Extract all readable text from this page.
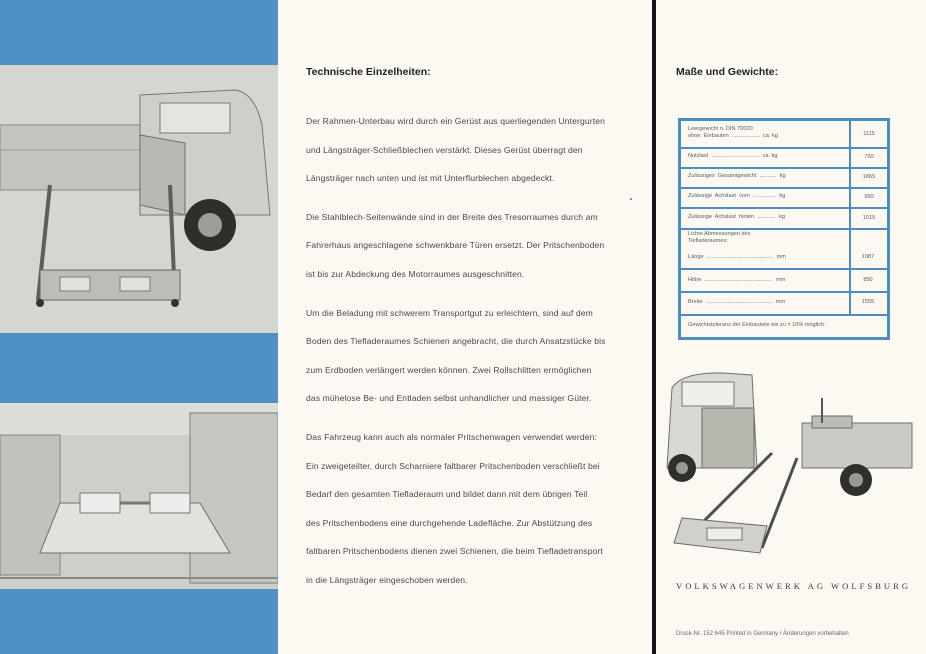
Technische Einzelheiten:

Der Rahmen-Unterbau wird durch ein Gerüst aus querliegenden Untergurten

und Längsträger-Schließblechen verstärkt. Dieses Gerüst überragt den

Längsträger nach unten und ist mit Unterflurblechen abgedeckt.

Die Stahlblech-Seitenwände sind in der Breite des Tresorraumes durch am

Fahrerhaus angeschlagene schwenkbare Türen ersetzt. Der Pritschenboden

ist bis zur Abdeckung des Motorraumes ausgeschnitten.

Um die Beladung mit schwerem Transportgut zu erleichtern, sind auf dem

Boden des Tiefladeraumes Schienen angebracht, die durch Ansatzstücke bis

zum Erdboden verlängert werden können. Zwei Rollschlitten ermöglichen

das mühelose Be- und Entladen selbst unhandlicher und massiger Güter.

Das Fahrzeug kann auch als normaler Pritschenwagen verwendet werden:

Ein zweigeteilter, durch Scharniere faltbarer Pritschenboden verschließt bei

Bedarf den gesamten Tiefladeraum und bildet dann mit dem übrigen Teil

des Pritschenbodens eine durchgehende Ladefläche. Zur Abstützung des

faltbaren Pritschenbodens dienen zwei Schienen, die beim Tiefladetransport

in die Längsträger eingeschoben werden.

Maße und Gewichte:
Leergewicht n. DIN 70020
ohne  Einbauten  ..................  ca. kg	1115
Nutzlast  ...............................  ca. kg	750
Zulässiges  Gesamtgewicht  ...........  kg	1865
Zulässige  Achslast  vorn  ...............  kg	950
Zulässige  Achslast  hinten  ............  kg	1015
Lichte Abmessungen des
Tiefladeraumes:
Länge  ...........................................  mm	1087
Höhe  ............................................  mm	850
Breite  ...........................................  mm	1555
Gewichtstoleranz der Einbauteile bis zu ± 10% möglich.
VOLKSWAGENWERK AG WOLFSBURG
Druck-Nr. 152 645 Printed in Germany / Änderungen vorbehalten
